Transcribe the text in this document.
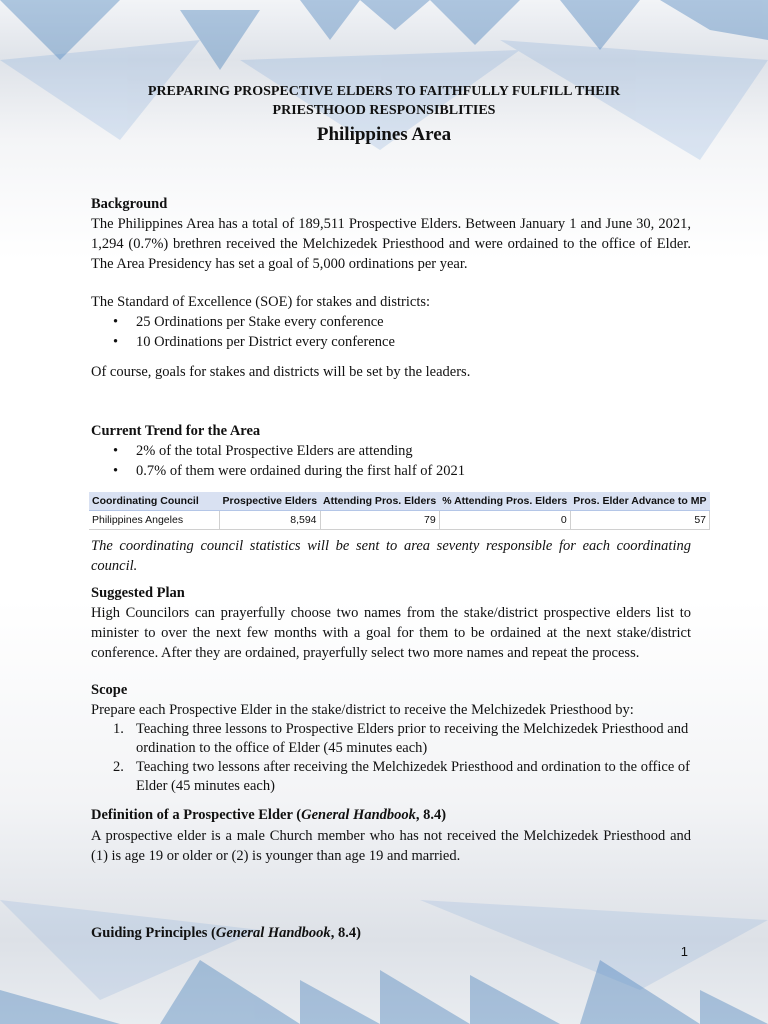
PREPARING PROSPECTIVE ELDERS TO FAITHFULLY FULFILL THEIR
PRIESTHOOD RESPONSIBLITIES
Philippines Area
Background
The Philippines Area has a total of 189,511 Prospective Elders. Between January 1 and June 30, 2021, 1,294 (0.7%) brethren received the Melchizedek Priesthood and were ordained to the office of Elder. The Area Presidency has set a goal of 5,000 ordinations per year.
The Standard of Excellence (SOE) for stakes and districts:
• 25 Ordinations per Stake every conference
• 10 Ordinations per District every conference
Of course, goals for stakes and districts will be set by the leaders.
Current Trend for the Area
• 2% of the total Prospective Elders are attending
• 0.7% of them were ordained during the first half of 2021
Coordinating Council	Prospective Elders	Attending Pros. Elders	% Attending Pros. Elders	Pros. Elder Advance to MP
Philippines Angeles	8,594	79	0	57
The coordinating council statistics will be sent to area seventy responsible for each coordinating council.
Suggested Plan
High Councilors can prayerfully choose two names from the stake/district prospective elders list to minister to over the next few months with a goal for them to be ordained at the next stake/district conference. After they are ordained, prayerfully select two more names and repeat the process.
Scope
Prepare each Prospective Elder in the stake/district to receive the Melchizedek Priesthood by:
1. Teaching three lessons to Prospective Elders prior to receiving the Melchizedek Priesthood and ordination to the office of Elder (45 minutes each)
2. Teaching two lessons after receiving the Melchizedek Priesthood and ordination to the office of Elder (45 minutes each)
Definition of a Prospective Elder (General Handbook, 8.4)
A prospective elder is a male Church member who has not received the Melchizedek Priesthood and (1) is age 19 or older or (2) is younger than age 19 and married.
Guiding Principles (General Handbook, 8.4)
1
